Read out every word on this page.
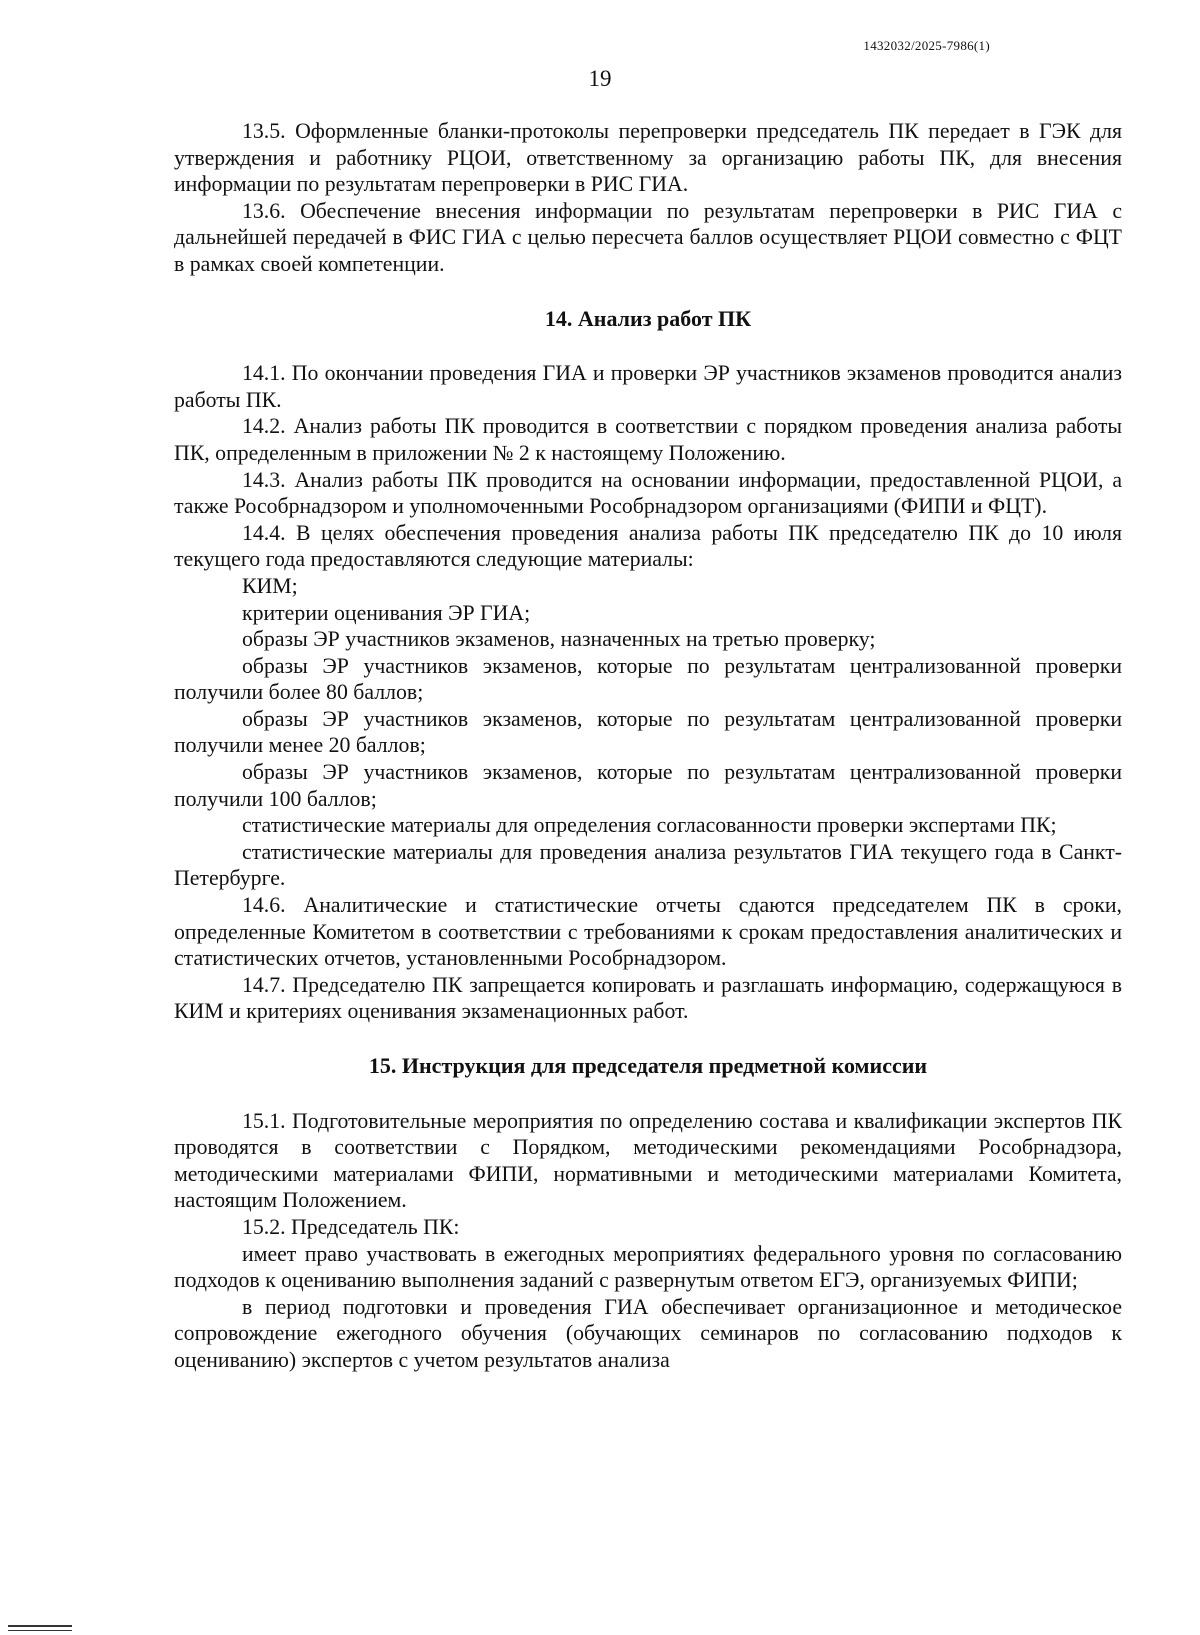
1432032/2025-7986(1)
19

13.5. Оформленные бланки-протоколы перепроверки председатель ПК передает в ГЭК для утверждения и работнику РЦОИ, ответственному за организацию работы ПК, для внесения информации по результатам перепроверки в РИС ГИА.

13.6. Обеспечение внесения информации по результатам перепроверки в РИС ГИА с дальнейшей передачей в ФИС ГИА с целью пересчета баллов осуществляет РЦОИ совместно с ФЦТ в рамках своей компетенции.

14. Анализ работ ПК

14.1. По окончании проведения ГИА и проверки ЭР участников экзаменов проводится анализ работы ПК.

14.2. Анализ работы ПК проводится в соответствии с порядком проведения анализа работы ПК, определенным в приложении № 2 к настоящему Положению.

14.3. Анализ работы ПК проводится на основании информации, предоставленной РЦОИ, а также Рособрнадзором и уполномоченными Рособрнадзором организациями (ФИПИ и ФЦТ).

14.4. В целях обеспечения проведения анализа работы ПК председателю ПК до 10 июля текущего года предоставляются следующие материалы:

КИМ;

критерии оценивания ЭР ГИА;

образы ЭР участников экзаменов, назначенных на третью проверку;

образы ЭР участников экзаменов, которые по результатам централизованной проверки получили более 80 баллов;

образы ЭР участников экзаменов, которые по результатам централизованной проверки получили менее 20 баллов;

образы ЭР участников экзаменов, которые по результатам централизованной проверки получили 100 баллов;

статистические материалы для определения согласованности проверки экспертами ПК;

статистические материалы для проведения анализа результатов ГИА текущего года в Санкт-Петербурге.

14.6. Аналитические и статистические отчеты сдаются председателем ПК в сроки, определенные Комитетом в соответствии с требованиями к срокам предоставления аналитических и статистических отчетов, установленными Рособрнадзором.

14.7. Председателю ПК запрещается копировать и разглашать информацию, содержащуюся в КИМ и критериях оценивания экзаменационных работ.

15. Инструкция для председателя предметной комиссии

15.1. Подготовительные мероприятия по определению состава и квалификации экспертов ПК проводятся в соответствии с Порядком, методическими рекомендациями Рособрнадзора, методическими материалами ФИПИ, нормативными и методическими материалами Комитета, настоящим Положением.

15.2. Председатель ПК:

имеет право участвовать в ежегодных мероприятиях федерального уровня по согласованию подходов к оцениванию выполнения заданий с развернутым ответом ЕГЭ, организуемых ФИПИ;

в период подготовки и проведения ГИА обеспечивает организационное и методическое сопровождение ежегодного обучения (обучающих семинаров по согласованию подходов к оцениванию) экспертов с учетом результатов анализа
